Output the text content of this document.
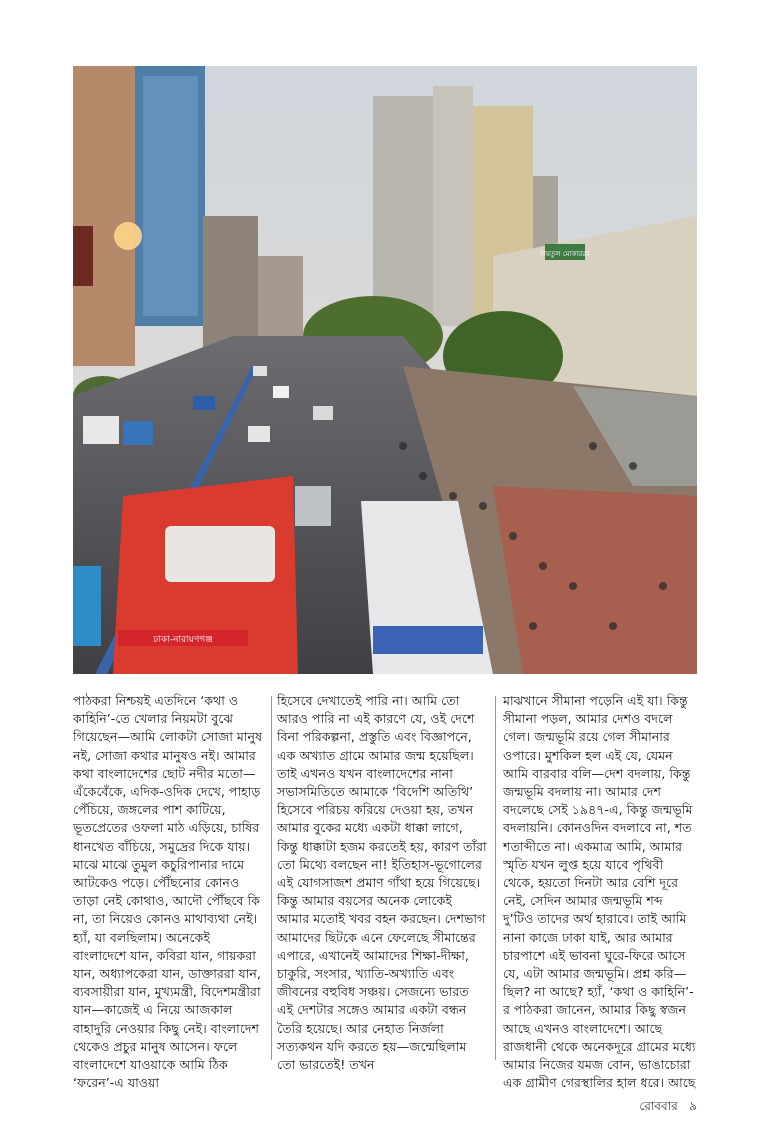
বায়তুল মোকাররম
ঢাকা-নারায়ণগঞ্জ
পাঠকরা নিশ্চয়ই এতদিনে ‘কথা ও কাহিনি’-তে খেলার নিয়মটা বুঝে গিয়েছেন—আমি লোকটা সোজা মানুষ নই, সোজা কথার মানুষও নই। আমার কথা বাংলাদেশের ছোট নদীর মতো—এঁকেবেঁকে, এদিক-ওদিক দেখে, পাহাড় পেঁচিয়ে, জঙ্গলের পাশ কাটিয়ে, ভূতপ্রেতের ওফলা মাঠ এড়িয়ে, চাষির ধানখেত বাঁচিয়ে, সমুদ্রের দিকে যায়। মাঝে মাঝে তুমুল কচুরিপানার দামে আটকেও পড়ে। পৌঁছনোর কোনও তাড়া নেই কোথাও, আদৌ পৌঁছবে কি না, তা নিয়েও কোনও মাথাব্যথা নেই। হ্যাঁ, যা বলছিলাম। অনেকেই বাংলাদেশে যান, কবিরা যান, গায়করা যান, অধ্যাপকেরা যান, ডাক্তাররা যান, ব্যবসায়ীরা যান, মুখ্যমন্ত্রী, বিদেশমন্ত্রীরা যান—কাজেই এ নিয়ে আজকাল বাহাদুরি নেওয়ার কিছু নেই। বাংলাদেশ থেকেও প্রচুর মানুষ আসেন। ফলে বাংলাদেশে যাওয়াকে আমি ঠিক ‘ফরেন’-এ যাওয়া
হিসেবে দেখাতেই পারি না। আমি তো আরও পারি না এই কারণে যে, ওই দেশে বিনা পরিকল্পনা, প্রস্তুতি এবং বিজ্ঞাপনে, এক অখ্যাত গ্রামে আমার জন্ম হয়েছিল। তাই এখনও যখন বাংলাদেশের নানা সভাসমিতিতে আমাকে ‘বিদেশি অতিথি’ হিসেবে পরিচয় করিয়ে দেওয়া হয়, তখন আমার বুকের মধ্যে একটা ধাক্কা লাগে, কিন্তু ধাক্কাটা হজম করতেই হয়, কারণ তাঁরা তো মিথ্যে বলছেন না! ইতিহাস-ভূগোলের এই যোগসাজশ প্রমাণ গাঁথা হয়ে গিয়েছে। কিন্তু আমার বয়সের অনেক লোকেই আমার মতোই খবর বহন করছেন। দেশভাগ আমাদের ছিটকে এনে ফেলেছে সীমান্তের এপারে, এখানেই আমাদের শিক্ষা-দীক্ষা, চাকুরি, সংসার, খ্যাতি-অখ্যাতি এবং জীবনের বহুবিধ সঞ্চয়। সেজন্যে ভারত এই দেশটার সঙ্গেও আমার একটা বন্ধন তৈরি হয়েছে। আর নেহাত নির্জলা সত্যকথন যদি করতে হয়—জন্মেছিলাম তো ভারতেই! তখন
মাঝখানে সীমানা পড়েনি এই যা। কিন্তু সীমানা পড়ল, আমার দেশও বদলে গেল। জন্মভূমি রয়ে গেল সীমানার ওপারে। মুশকিল হল এই যে, যেমন আমি বারবার বলি—দেশ বদলায়, কিন্তু জন্মভূমি বদলায় না। আমার দেশ বদলেছে সেই ১৯৪৭-এ, কিন্তু জন্মভূমি বদলায়নি। কোনওদিন বদলাবে না, শত শতাব্দীতে না। একমাত্র আমি, আমার স্মৃতি যখন লুপ্ত হয়ে যাবে পৃথিবী থেকে, হয়তো দিনটা আর বেশি দূরে নেই, সেদিন আমার জন্মভূমি শব্দ দু’টিও তাদের অর্থ হারাবে। তাই আমি নানা কাজে ঢাকা যাই, আর আমার চারপাশে এই ভাবনা ঘুরে-ফিরে আসে যে, এটা আমার জন্মভূমি। প্রশ্ন করি—ছিল? না আছে? হ্যাঁ, ‘কথা ও কাহিনি’-র পাঠকরা জানেন, আমার কিছু স্বজন আছে এখনও বাংলাদেশে। আছে রাজধানী থেকে অনেকদূরে গ্রামের মধ্যে আমার নিজের যমজ বোন, ভাঙাচোরা এক গ্রামীণ গেরস্থালির হাল ধরে। আছে
রোববার ৯
